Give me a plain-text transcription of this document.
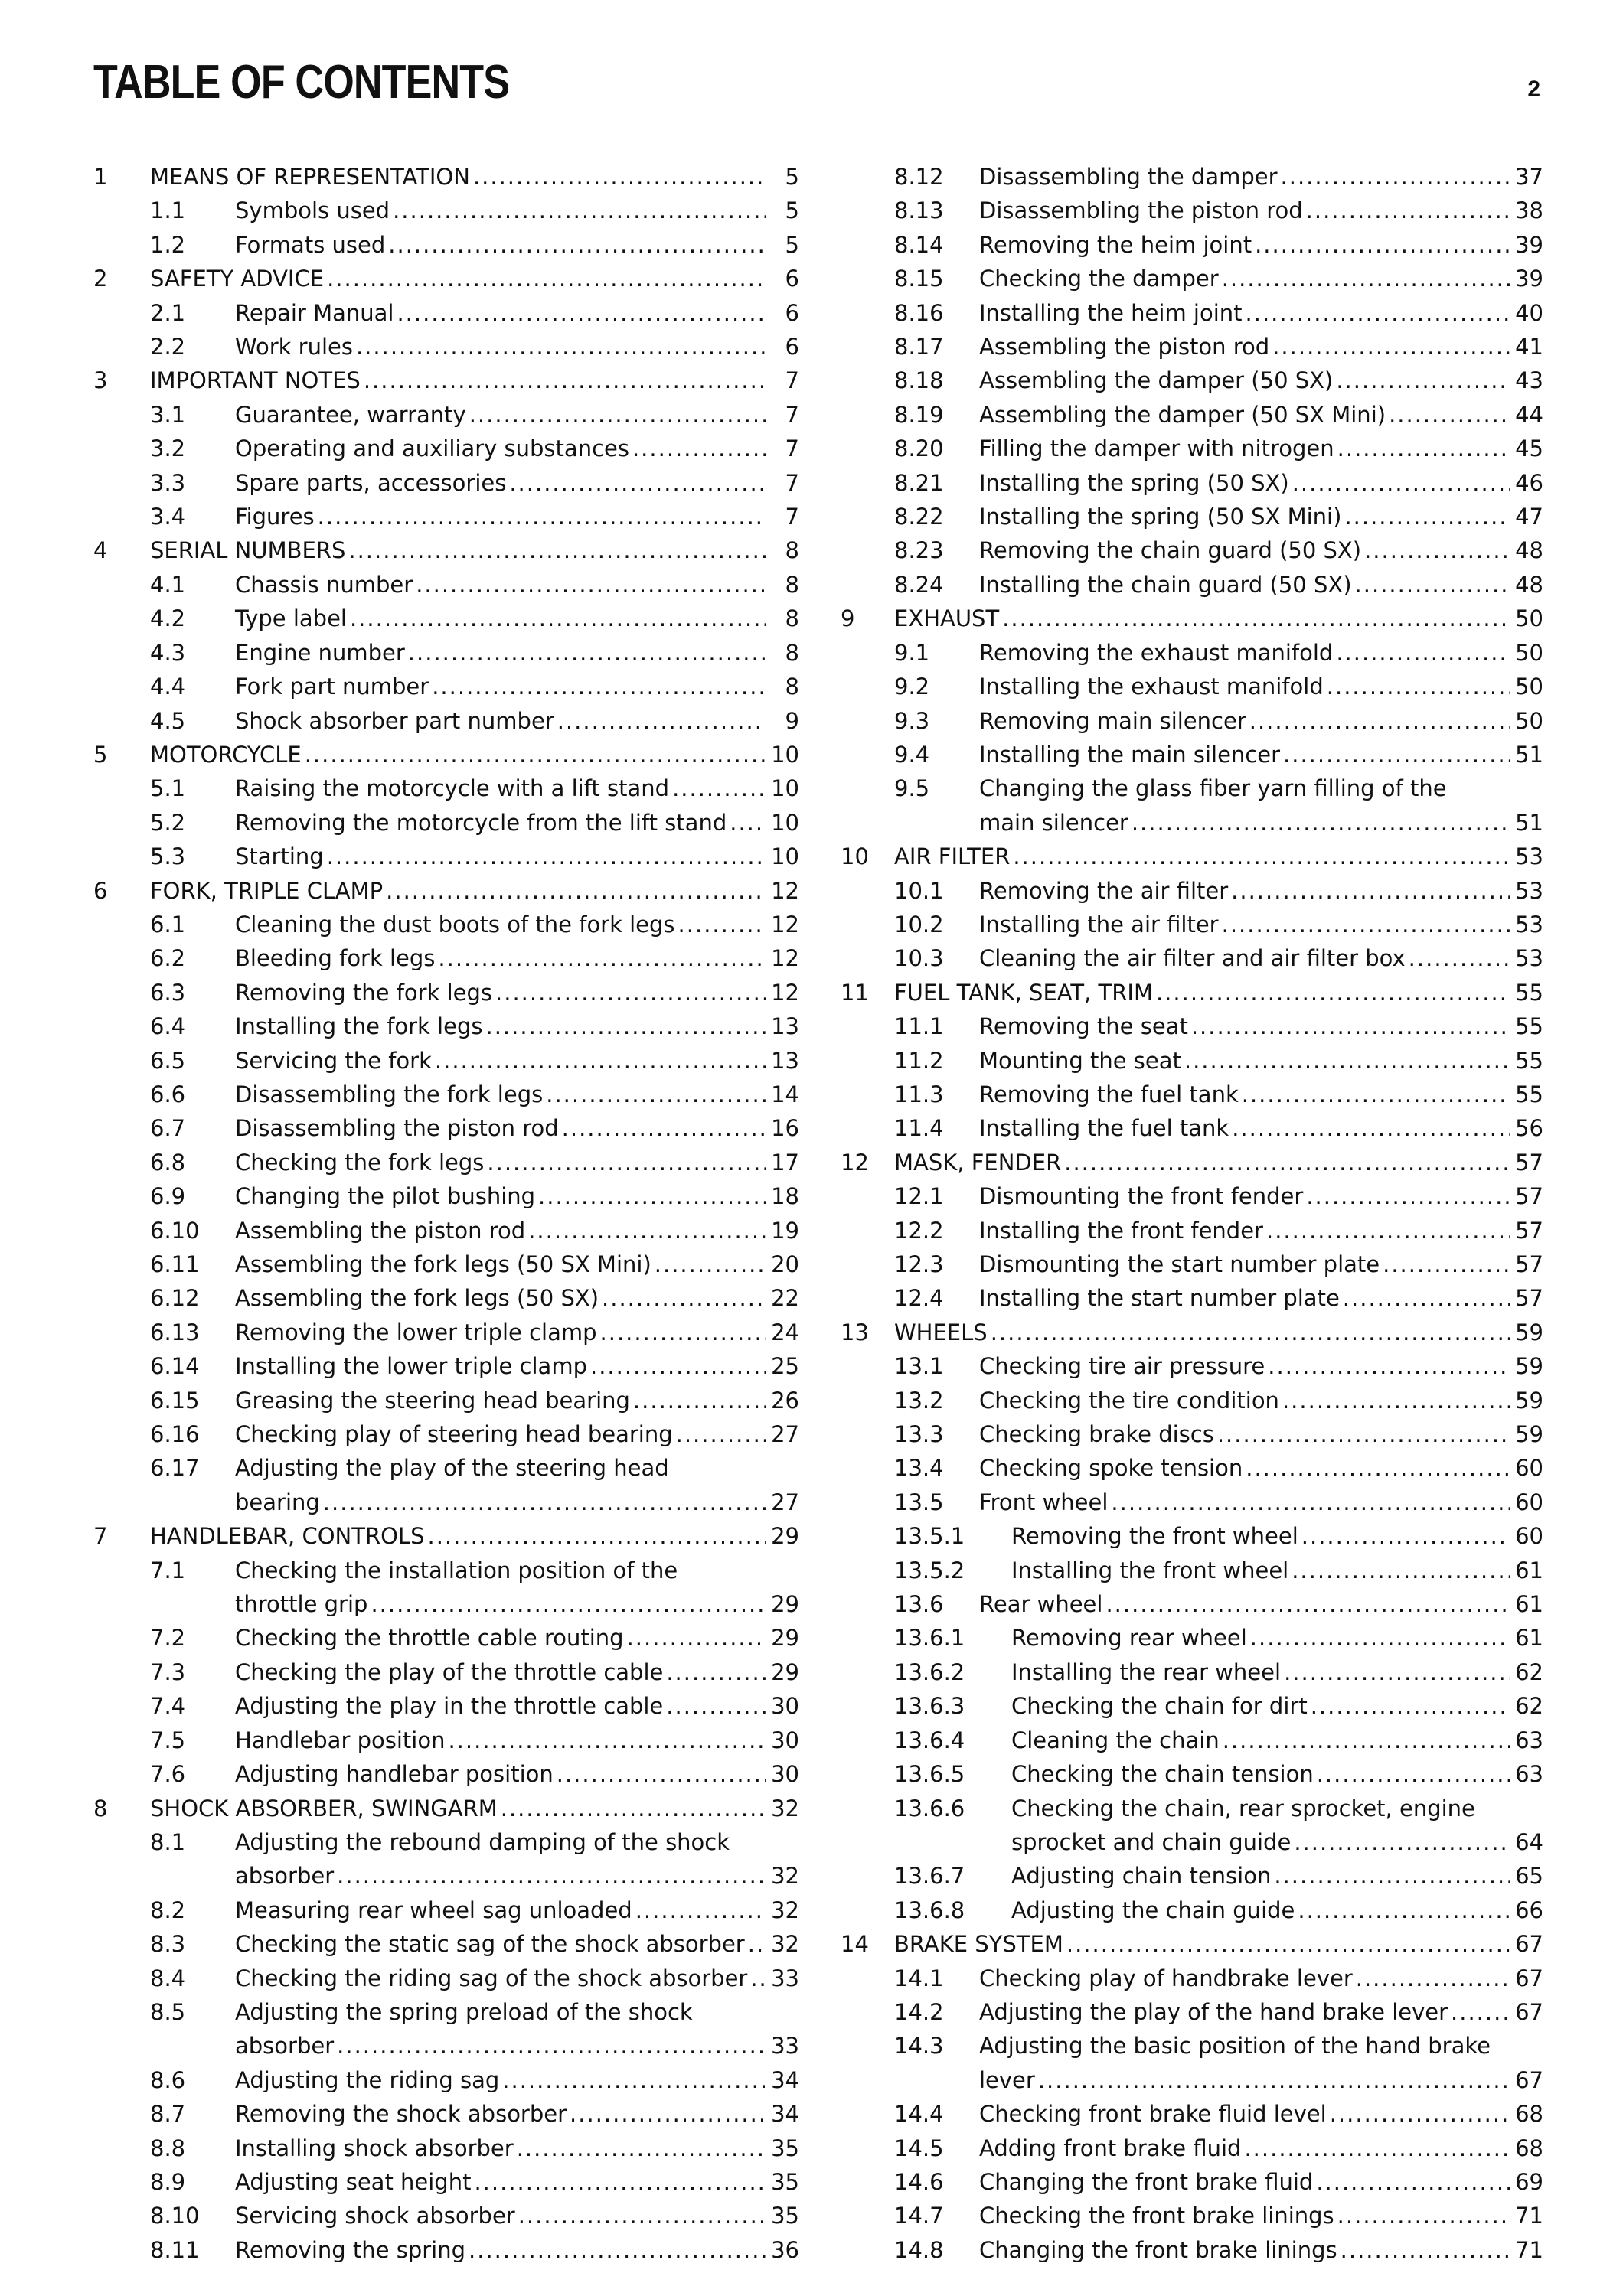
TABLE OF CONTENTS	2
1 MEANS OF REPRESENTATION .....	5
1.1 Symbols used .....	5
1.2 Formats used .....	5
2 SAFETY ADVICE .....	6
2.1 Repair Manual .....	6
2.2 Work rules .....	6
3 IMPORTANT NOTES .....	7
3.1 Guarantee, warranty .....	7
3.2 Operating and auxiliary substances .....	7
3.3 Spare parts, accessories .....	7
3.4 Figures .....	7
4 SERIAL NUMBERS .....	8
4.1 Chassis number .....	8
4.2 Type label .....	8
4.3 Engine number .....	8
4.4 Fork part number .....	8
4.5 Shock absorber part number .....	9
5 MOTORCYCLE .....	10
5.1 Raising the motorcycle with a lift stand .....	10
5.2 Removing the motorcycle from the lift stand ..... 10
5.3 Starting .....	10
6 FORK, TRIPLE CLAMP .....	12
6.1 Cleaning the dust boots of the fork legs .....	12
6.2 Bleeding fork legs .....	12
6.3 Removing the fork legs .....	12
6.4 Installing the fork legs .....	13
6.5 Servicing the fork .....	13
6.6 Disassembling the fork legs .....	14
6.7 Disassembling the piston rod .....	16
6.8 Checking the fork legs .....	17
6.9 Changing the pilot bushing .....	18
6.10 Assembling the piston rod .....	19
6.11 Assembling the fork legs (50 SX Mini) .....	20
6.12 Assembling the fork legs (50 SX) .....	22
6.13 Removing the lower triple clamp .....	24
6.14 Installing the lower triple clamp .....	25
6.15 Greasing the steering head bearing .....	26
6.16 Checking play of steering head bearing .....	27
6.17 Adjusting the play of the steering head
bearing .....	27
7 HANDLEBAR, CONTROLS .....	29
7.1 Checking the installation position of the
throttle grip .....	29
7.2 Checking the throttle cable routing .....	29
7.3 Checking the play of the throttle cable .....	29
7.4 Adjusting the play in the throttle cable .....	30
7.5 Handlebar position .....	30
7.6 Adjusting handlebar position .....	30
8 SHOCK ABSORBER, SWINGARM .....	32
8.1 Adjusting the rebound damping of the shock
absorber .....	32
8.2 Measuring rear wheel sag unloaded .....	32
8.3 Checking the static sag of the shock absorber ..... 32
8.4 Checking the riding sag of the shock absorber ..... 33
8.5 Adjusting the spring preload of the shock
absorber .....	33
8.6 Adjusting the riding sag .....	34
8.7 Removing the shock absorber .....	34
8.8 Installing shock absorber .....	35
8.9 Adjusting seat height .....	35
8.10 Servicing shock absorber .....	35
8.11 Removing the spring .....	36
8.12 Disassembling the damper .....	37
8.13 Disassembling the piston rod .....	38
8.14 Removing the heim joint .....	39
8.15 Checking the damper .....	39
8.16 Installing the heim joint .....	40
8.17 Assembling the piston rod .....	41
8.18 Assembling the damper (50 SX) .....	43
8.19 Assembling the damper (50 SX Mini) .....	44
8.20 Filling the damper with nitrogen .....	45
8.21 Installing the spring (50 SX) .....	46
8.22 Installing the spring (50 SX Mini) .....	47
8.23 Removing the chain guard (50 SX) .....	48
8.24 Installing the chain guard (50 SX) .....	48
9 EXHAUST .....	50
9.1 Removing the exhaust manifold .....	50
9.2 Installing the exhaust manifold .....	50
9.3 Removing main silencer .....	50
9.4 Installing the main silencer .....	51
9.5 Changing the glass fiber yarn filling of the
main silencer .....	51
10 AIR FILTER .....	53
10.1 Removing the air filter .....	53
10.2 Installing the air filter .....	53
10.3 Cleaning the air filter and air filter box .....	53
11 FUEL TANK, SEAT, TRIM .....	55
11.1 Removing the seat .....	55
11.2 Mounting the seat .....	55
11.3 Removing the fuel tank .....	55
11.4 Installing the fuel tank .....	56
12 MASK, FENDER .....	57
12.1 Dismounting the front fender .....	57
12.2 Installing the front fender .....	57
12.3 Dismounting the start number plate .....	57
12.4 Installing the start number plate .....	57
13 WHEELS .....	59
13.1 Checking tire air pressure .....	59
13.2 Checking the tire condition .....	59
13.3 Checking brake discs .....	59
13.4 Checking spoke tension .....	60
13.5 Front wheel .....	60
13.5.1 Removing the front wheel .....	60
13.5.2 Installing the front wheel .....	61
13.6 Rear wheel .....	61
13.6.1 Removing rear wheel .....	61
13.6.2 Installing the rear wheel .....	62
13.6.3 Checking the chain for dirt .....	62
13.6.4 Cleaning the chain .....	63
13.6.5 Checking the chain tension .....	63
13.6.6 Checking the chain, rear sprocket, engine
sprocket and chain guide .....	64
13.6.7 Adjusting chain tension .....	65
13.6.8 Adjusting the chain guide .....	66
14 BRAKE SYSTEM .....	67
14.1 Checking play of handbrake lever .....	67
14.2 Adjusting the play of the hand brake lever .....	67
14.3 Adjusting the basic position of the hand brake
lever .....	67
14.4 Checking front brake fluid level .....	68
14.5 Adding front brake fluid .....	68
14.6 Changing the front brake fluid .....	69
14.7 Checking the front brake linings .....	71
14.8 Changing the front brake linings .....	71
